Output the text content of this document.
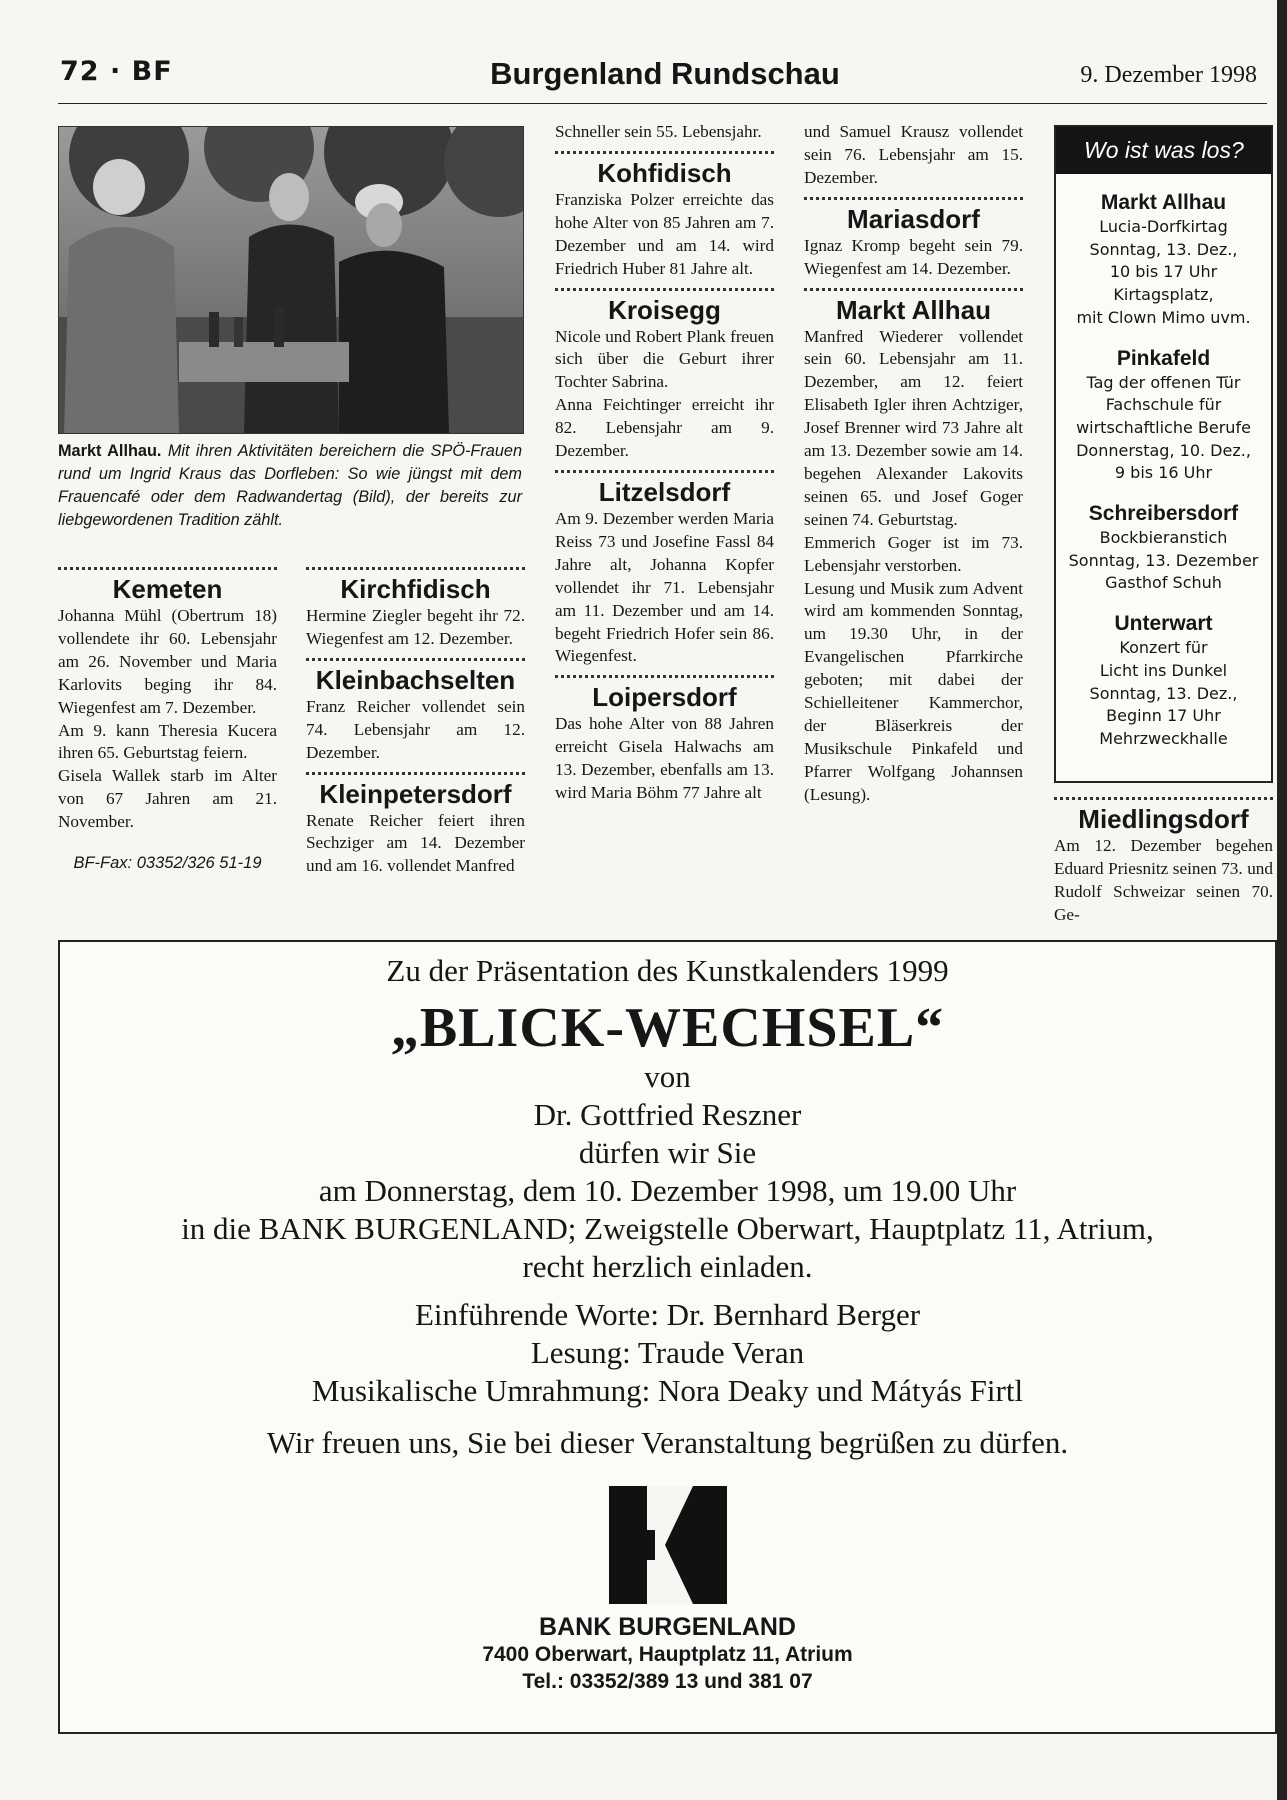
72 · BF	Burgenland Rundschau	9. Dezember 1998
Markt Allhau. Mit ihren Aktivitäten bereichern die SPÖ-Frauen rund um Ingrid Kraus das Dorfleben: So wie jüngst mit dem Frauencafé oder dem Radwandertag (Bild), der bereits zur liebgewordenen Tradition zählt.
Kemeten

Johanna Mühl (Obertrum 18) vollendete ihr 60. Lebensjahr am 26. November und Maria Karlovits beging ihr 84. Wiegenfest am 7. Dezember.

Am 9. kann Theresia Kucera ihren 65. Geburtstag feiern.

Gisela Wallek starb im Alter von 67 Jahren am 21. November.

BF-Fax: 03352/326 51-19
Kirchfidisch

Hermine Ziegler begeht ihr 72. Wiegenfest am 12. Dezember.

Kleinbachselten

Franz Reicher vollendet sein 74. Lebensjahr am 12. Dezember.

Kleinpetersdorf

Renate Reicher feiert ihren Sechziger am 14. Dezember und am 16. vollendet Manfred

Schneller sein 55. Lebensjahr.

Kohfidisch

Franziska Polzer erreichte das hohe Alter von 85 Jahren am 7. Dezember und am 14. wird Friedrich Huber 81 Jahre alt.

Kroisegg

Nicole und Robert Plank freuen sich über die Geburt ihrer Tochter Sabrina.

Anna Feichtinger erreicht ihr 82. Lebensjahr am 9. Dezember.

Litzelsdorf

Am 9. Dezember werden Maria Reiss 73 und Josefine Fassl 84 Jahre alt, Johanna Kopfer vollendet ihr 71. Lebensjahr am 11. Dezember und am 14. begeht Friedrich Hofer sein 86. Wiegenfest.

Loipersdorf

Das hohe Alter von 88 Jahren erreicht Gisela Halwachs am 13. Dezember, ebenfalls am 13. wird Maria Böhm 77 Jahre alt

und Samuel Krausz vollendet sein 76. Lebensjahr am 15. Dezember.

Mariasdorf

Ignaz Kromp begeht sein 79. Wiegenfest am 14. Dezember.

Markt Allhau

Manfred Wiederer vollendet sein 60. Lebensjahr am 11. Dezember, am 12. feiert Elisabeth Igler ihren Achtziger, Josef Brenner wird 73 Jahre alt am 13. Dezember sowie am 14. begehen Alexander Lakovits seinen 65. und Josef Goger seinen 74. Geburtstag.

Emmerich Goger ist im 73. Lebensjahr verstorben.

Lesung und Musik zum Advent wird am kommenden Sonntag, um 19.30 Uhr, in der Evangelischen Pfarrkirche geboten; mit dabei der Schielleitener Kammerchor, der Bläserkreis der Musikschule Pinkafeld und Pfarrer Wolfgang Johannsen (Lesung).

Wo ist was los?
Markt Allhau
Lucia-Dorfkirtag
Sonntag, 13. Dez.,
10 bis 17 Uhr
Kirtagsplatz,
mit Clown Mimo uvm.
Pinkafeld
Tag der offenen Tür
Fachschule für
wirtschaftliche Berufe
Donnerstag, 10. Dez.,
9 bis 16 Uhr
Schreibersdorf
Bockbieranstich
Sonntag, 13. Dezember
Gasthof Schuh
Unterwart
Konzert für
Licht ins Dunkel
Sonntag, 13. Dez.,
Beginn 17 Uhr
Mehrzweckhalle
Miedlingsdorf

Am 12. Dezember begehen Eduard Priesnitz seinen 73. und Rudolf Schweizar seinen 70. Ge-

Zu der Präsentation des Kunstkalenders 1999
„BLICK-WECHSEL“
von
Dr. Gottfried Reszner
dürfen wir Sie
am Donnerstag, dem 10. Dezember 1998, um 19.00 Uhr
in die BANK BURGENLAND; Zweigstelle Oberwart, Hauptplatz 11, Atrium,
recht herzlich einladen.
Einführende Worte: Dr. Bernhard Berger
Lesung: Traude Veran
Musikalische Umrahmung: Nora Deaky und Mátyás Firtl
Wir freuen uns, Sie bei dieser Veranstaltung begrüßen zu dürfen.
BANK BURGENLAND
7400 Oberwart, Hauptplatz 11, Atrium
Tel.: 03352/389 13 und 381 07
